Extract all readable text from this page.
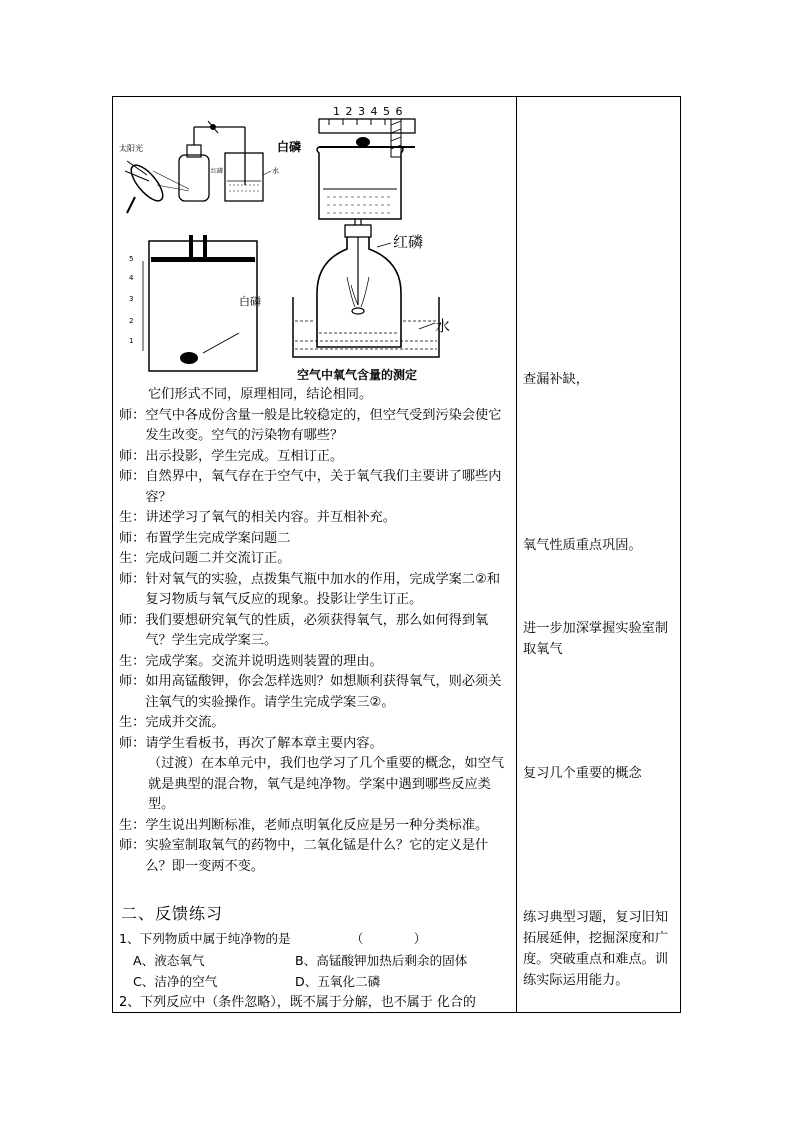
太阳光
红磷	水
1 2 3 4 5 6
白磷
5
4
3
2
1
白磷
红磷
水
空气中氧气含量的测定
它们形式不同，原理相同，结论相同。
师： 空气中各成份含量一般是比较稳定的，但空气受到污染会使它发生改变。空气的污染物有哪些？
师： 出示投影，学生完成。互相订正。
师： 自然界中，氧气存在于空气中，关于氧气我们主要讲了哪些内容？
生： 讲述学习了氧气的相关内容。并互相补充。
师： 布置学生完成学案问题二
生： 完成问题二并交流订正。
师： 针对氧气的实验，点拨集气瓶中加水的作用，完成学案二②和复习物质与氧气反应的现象。投影让学生订正。
师： 我们要想研究氧气的性质，必须获得氧气，那么如何得到氧气？学生完成学案三。
生： 完成学案。交流并说明选则装置的理由。
师： 如用高锰酸钾，你会怎样选则？如想顺利获得氧气，则必须关注氧气的实验操作。请学生完成学案三②。
生： 完成并交流。
师： 请学生看板书，再次了解本章主要内容。
（过渡）在本单元中，我们也学习了几个重要的概念，如空气就是典型的混合物，氧气是纯净物。学案中遇到哪些反应类型。
生： 学生说出判断标准，老师点明氧化反应是另一种分类标准。
师： 实验室制取氧气的药物中，二氧化锰是什么？它的定义是什么？即一变两不变。
二、反馈练习
1、下列物质中属于纯净物的是	（　　　　）
A、液态氧气	B、高锰酸钾加热后剩余的固体
C、洁净的空气	D、五氧化二磷
2、下列反应中（条件忽略），既不属于分解，也不属于 化合的
查漏补缺，
氧气性质重点巩固。
进一步加深掌握实验室制取氧气
复习几个重要的概念
练习典型习题，复习旧知拓展延伸，挖掘深度和广度。突破重点和难点。训练实际运用能力。
